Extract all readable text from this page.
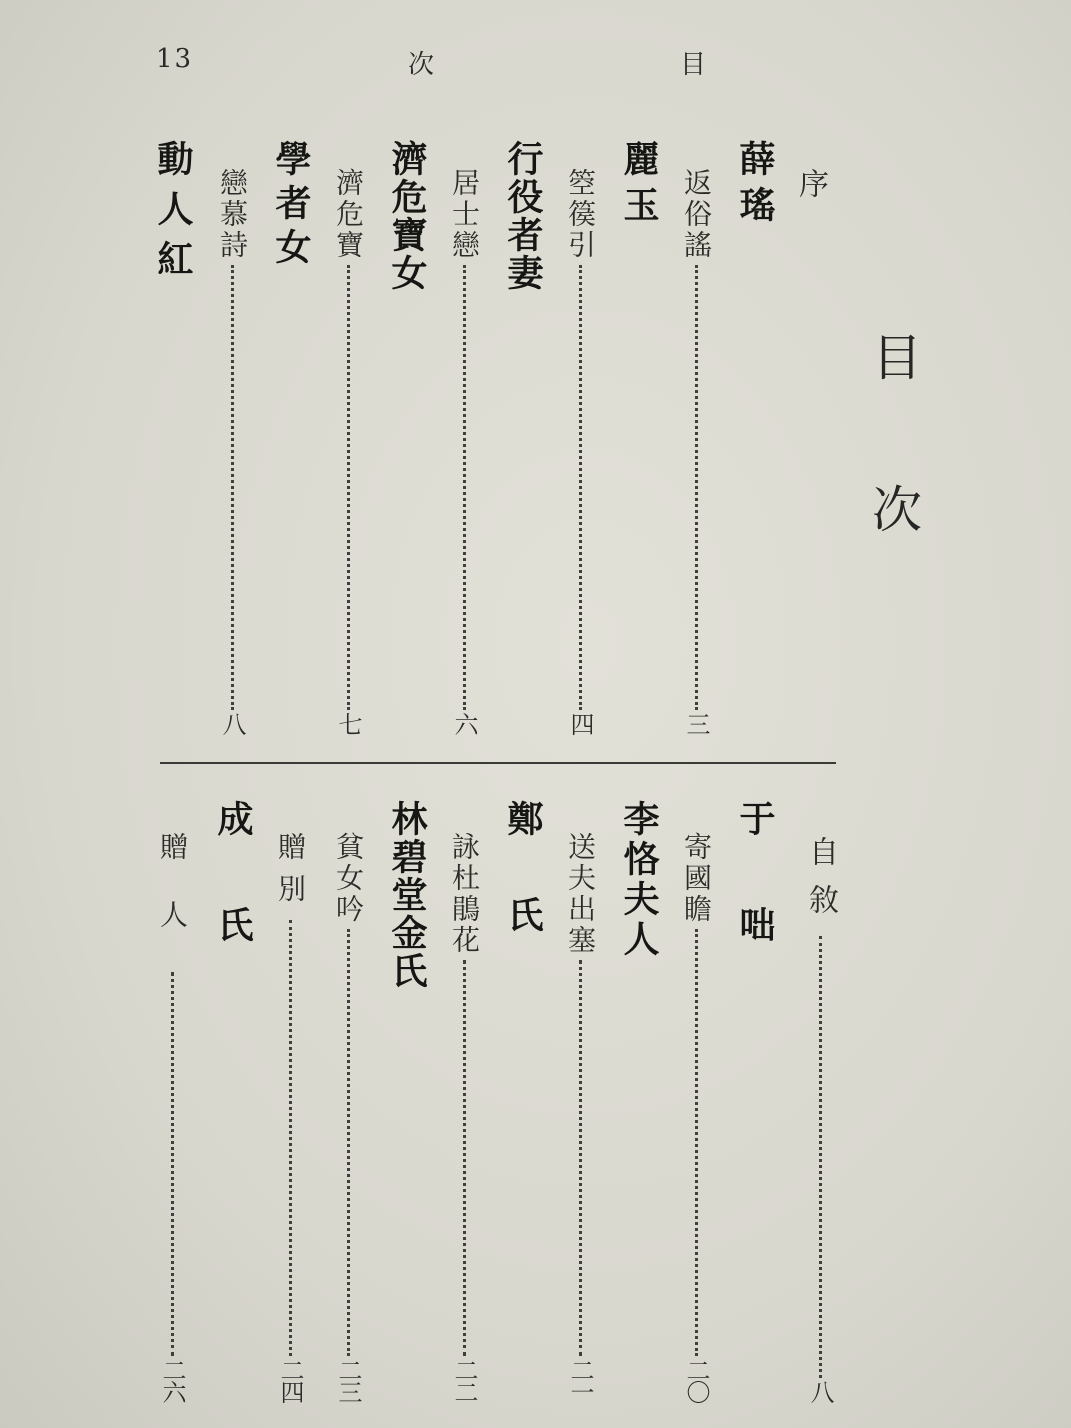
13	次	目
目
次
序
薛瑤
返俗謠
三
麗玉
箜篌引
四
行役者妻
居士戀
六
濟危寶女
濟危寶
七
學者女
戀慕詩
八
動人紅
自敘
八
于咄
寄國瞻
二〇
李恪夫人
送夫出塞
二一
鄭氏
詠杜鵑花
二二
林碧堂金氏
貧女吟
二三
贈別
二四
成氏
贈人
二六
